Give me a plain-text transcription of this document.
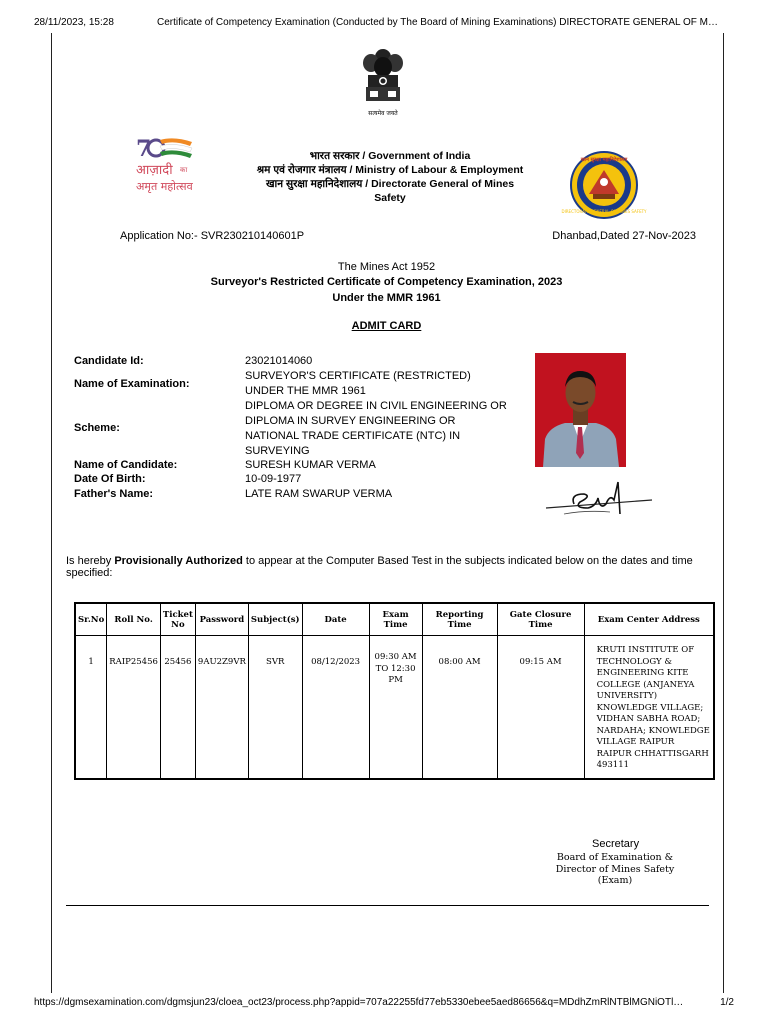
28/11/2023, 15:28	Certificate of Competency Examination (Conducted by The Board of Mining Examinations) DIRECTORATE GENERAL OF M…
https://dgmsexamination.com/dgmsjun23/cloea_oct23/process.php?appid=707a22255fd77eb5330ebee5aed86656&q=MDdhZmRlNTBlMGNiOTl…	1/2
सत्यमेव जयते
7
आज़ादी का
अमृत महोत्सव
भारत सरकार / Government of India
श्रम एवं रोजगार मंत्रालय / Ministry of Labour & Employment
खान सुरक्षा महानिदेशालय / Directorate General of Mines
Safety
खान सुरक्षा महानिदेशालय
DIRECTORATE GENERAL OF MINES SAFETY
Application No:- SVR230210140601P	Dhanbad,Dated 27-Nov-2023
The Mines Act 1952
Surveyor's Restricted Certificate of Competency Examination, 2023
Under the MMR 1961
ADMIT CARD
Candidate Id:	23021014060
Name of Examination:
SURVEYOR'S CERTIFICATE (RESTRICTED)
UNDER THE MMR 1961
Scheme:
DIPLOMA OR DEGREE IN CIVIL ENGINEERING OR
DIPLOMA IN SURVEY ENGINEERING OR
NATIONAL TRADE CERTIFICATE (NTC) IN
SURVEYING
Name of Candidate:	SURESH KUMAR VERMA
Date Of Birth:	10-09-1977
Father's Name:	LATE RAM SWARUP VERMA
Is hereby Provisionally Authorized to appear at the Computer Based Test in the subjects indicated below on the dates and time specified:
Sr.No	Roll No.	Ticket No	Password	Subject(s)	Date	Exam Time	Reporting Time	Gate Closure Time	Exam Center Address
1	RAIP25456	25456	9AU2Z9VR	SVR	08/12/2023	09:30 AM TO 12:30 PM	08:00 AM	09:15 AM	KRUTI INSTITUTE OF TECHNOLOGY & ENGINEERING KITE COLLEGE (ANJANEYA UNIVERSITY) KNOWLEDGE VILLAGE; VIDHAN SABHA ROAD; NARDAHA; KNOWLEDGE VILLAGE RAIPUR RAIPUR CHHATTISGARH 493111
Secretary
Board of Examination &
Director of Mines Safety
(Exam)
